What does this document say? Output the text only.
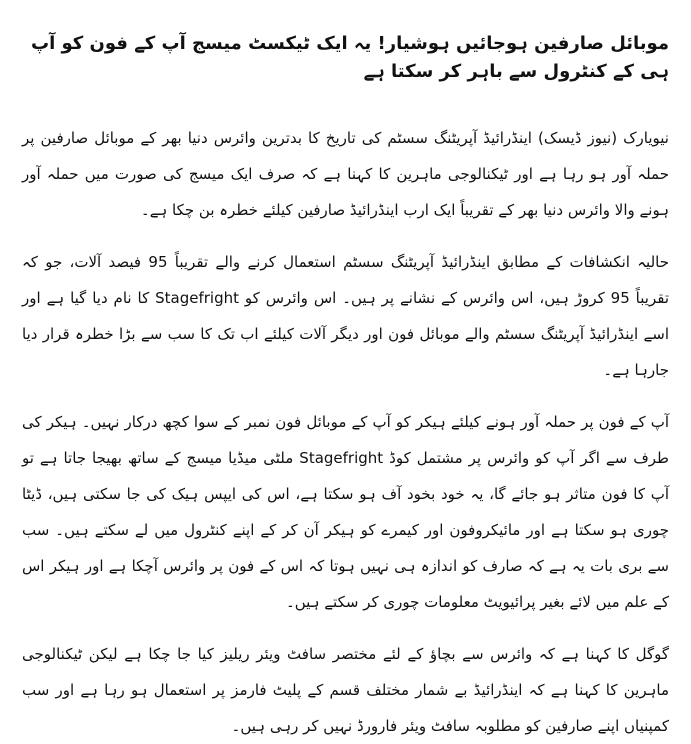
موبائل صارفین ہوجائیں ہوشیار! یہ ایک ٹیکسٹ میسج آپ کے فون کو آپ ہی کے کنٹرول سے باہر کر سکتا ہے

نیویارک (نیوز ڈیسک) اینڈرائیڈ آپریٹنگ سسٹم کی تاریخ کا بدترین وائرس دنیا بھر کے موبائل صارفین پر حملہ آور ہو رہا ہے اور ٹیکنالوجی ماہرین کا کہنا ہے کہ صرف ایک میسج کی صورت میں حملہ آور ہونے والا وائرس دنیا بھر کے تقریباً ایک ارب اینڈرائیڈ صارفین کیلئے خطرہ بن چکا ہے۔

حالیہ انکشافات کے مطابق اینڈرائیڈ آپریٹنگ سسٹم استعمال کرنے والے تقریباً 95 فیصد آلات، جو کہ تقریباً 95 کروڑ ہیں، اس وائرس کے نشانے پر ہیں۔ اس وائرس کو Stagefright کا نام دیا گیا ہے اور اسے اینڈرائیڈ آپریٹنگ سسٹم والے موبائل فون اور دیگر آلات کیلئے اب تک کا سب سے بڑا خطرہ قرار دیا جارہا ہے۔

آپ کے فون پر حملہ آور ہونے کیلئے ہیکر کو آپ کے موبائل فون نمبر کے سوا کچھ درکار نہیں۔ ہیکر کی طرف سے اگر آپ کو وائرس پر مشتمل کوڈ Stagefright ملٹی میڈیا میسج کے ساتھ بھیجا جاتا ہے تو آپ کا فون متاثر ہو جائے گا، یہ خود بخود آف ہو سکتا ہے، اس کی ایپس ہیک کی جا سکتی ہیں، ڈیٹا چوری ہو سکتا ہے اور مائیکروفون اور کیمرے کو ہیکر آن کر کے اپنے کنٹرول میں لے سکتے ہیں۔ سب سے بری بات یہ ہے کہ صارف کو اندازہ ہی نہیں ہوتا کہ اس کے فون پر وائرس آچکا ہے اور ہیکر اس کے علم میں لائے بغیر پرائیویٹ معلومات چوری کر سکتے ہیں۔

گوگل کا کہنا ہے کہ وائرس سے بچاؤ کے لئے مختصر سافٹ ویئر ریلیز کیا جا چکا ہے لیکن ٹیکنالوجی ماہرین کا کہنا ہے کہ اینڈرائیڈ بے شمار مختلف قسم کے پلیٹ فارمز پر استعمال ہو رہا ہے اور سب کمپنیاں اپنے صارفین کو مطلوبہ سافٹ ویئر فارورڈ نہیں کر رہی ہیں۔
